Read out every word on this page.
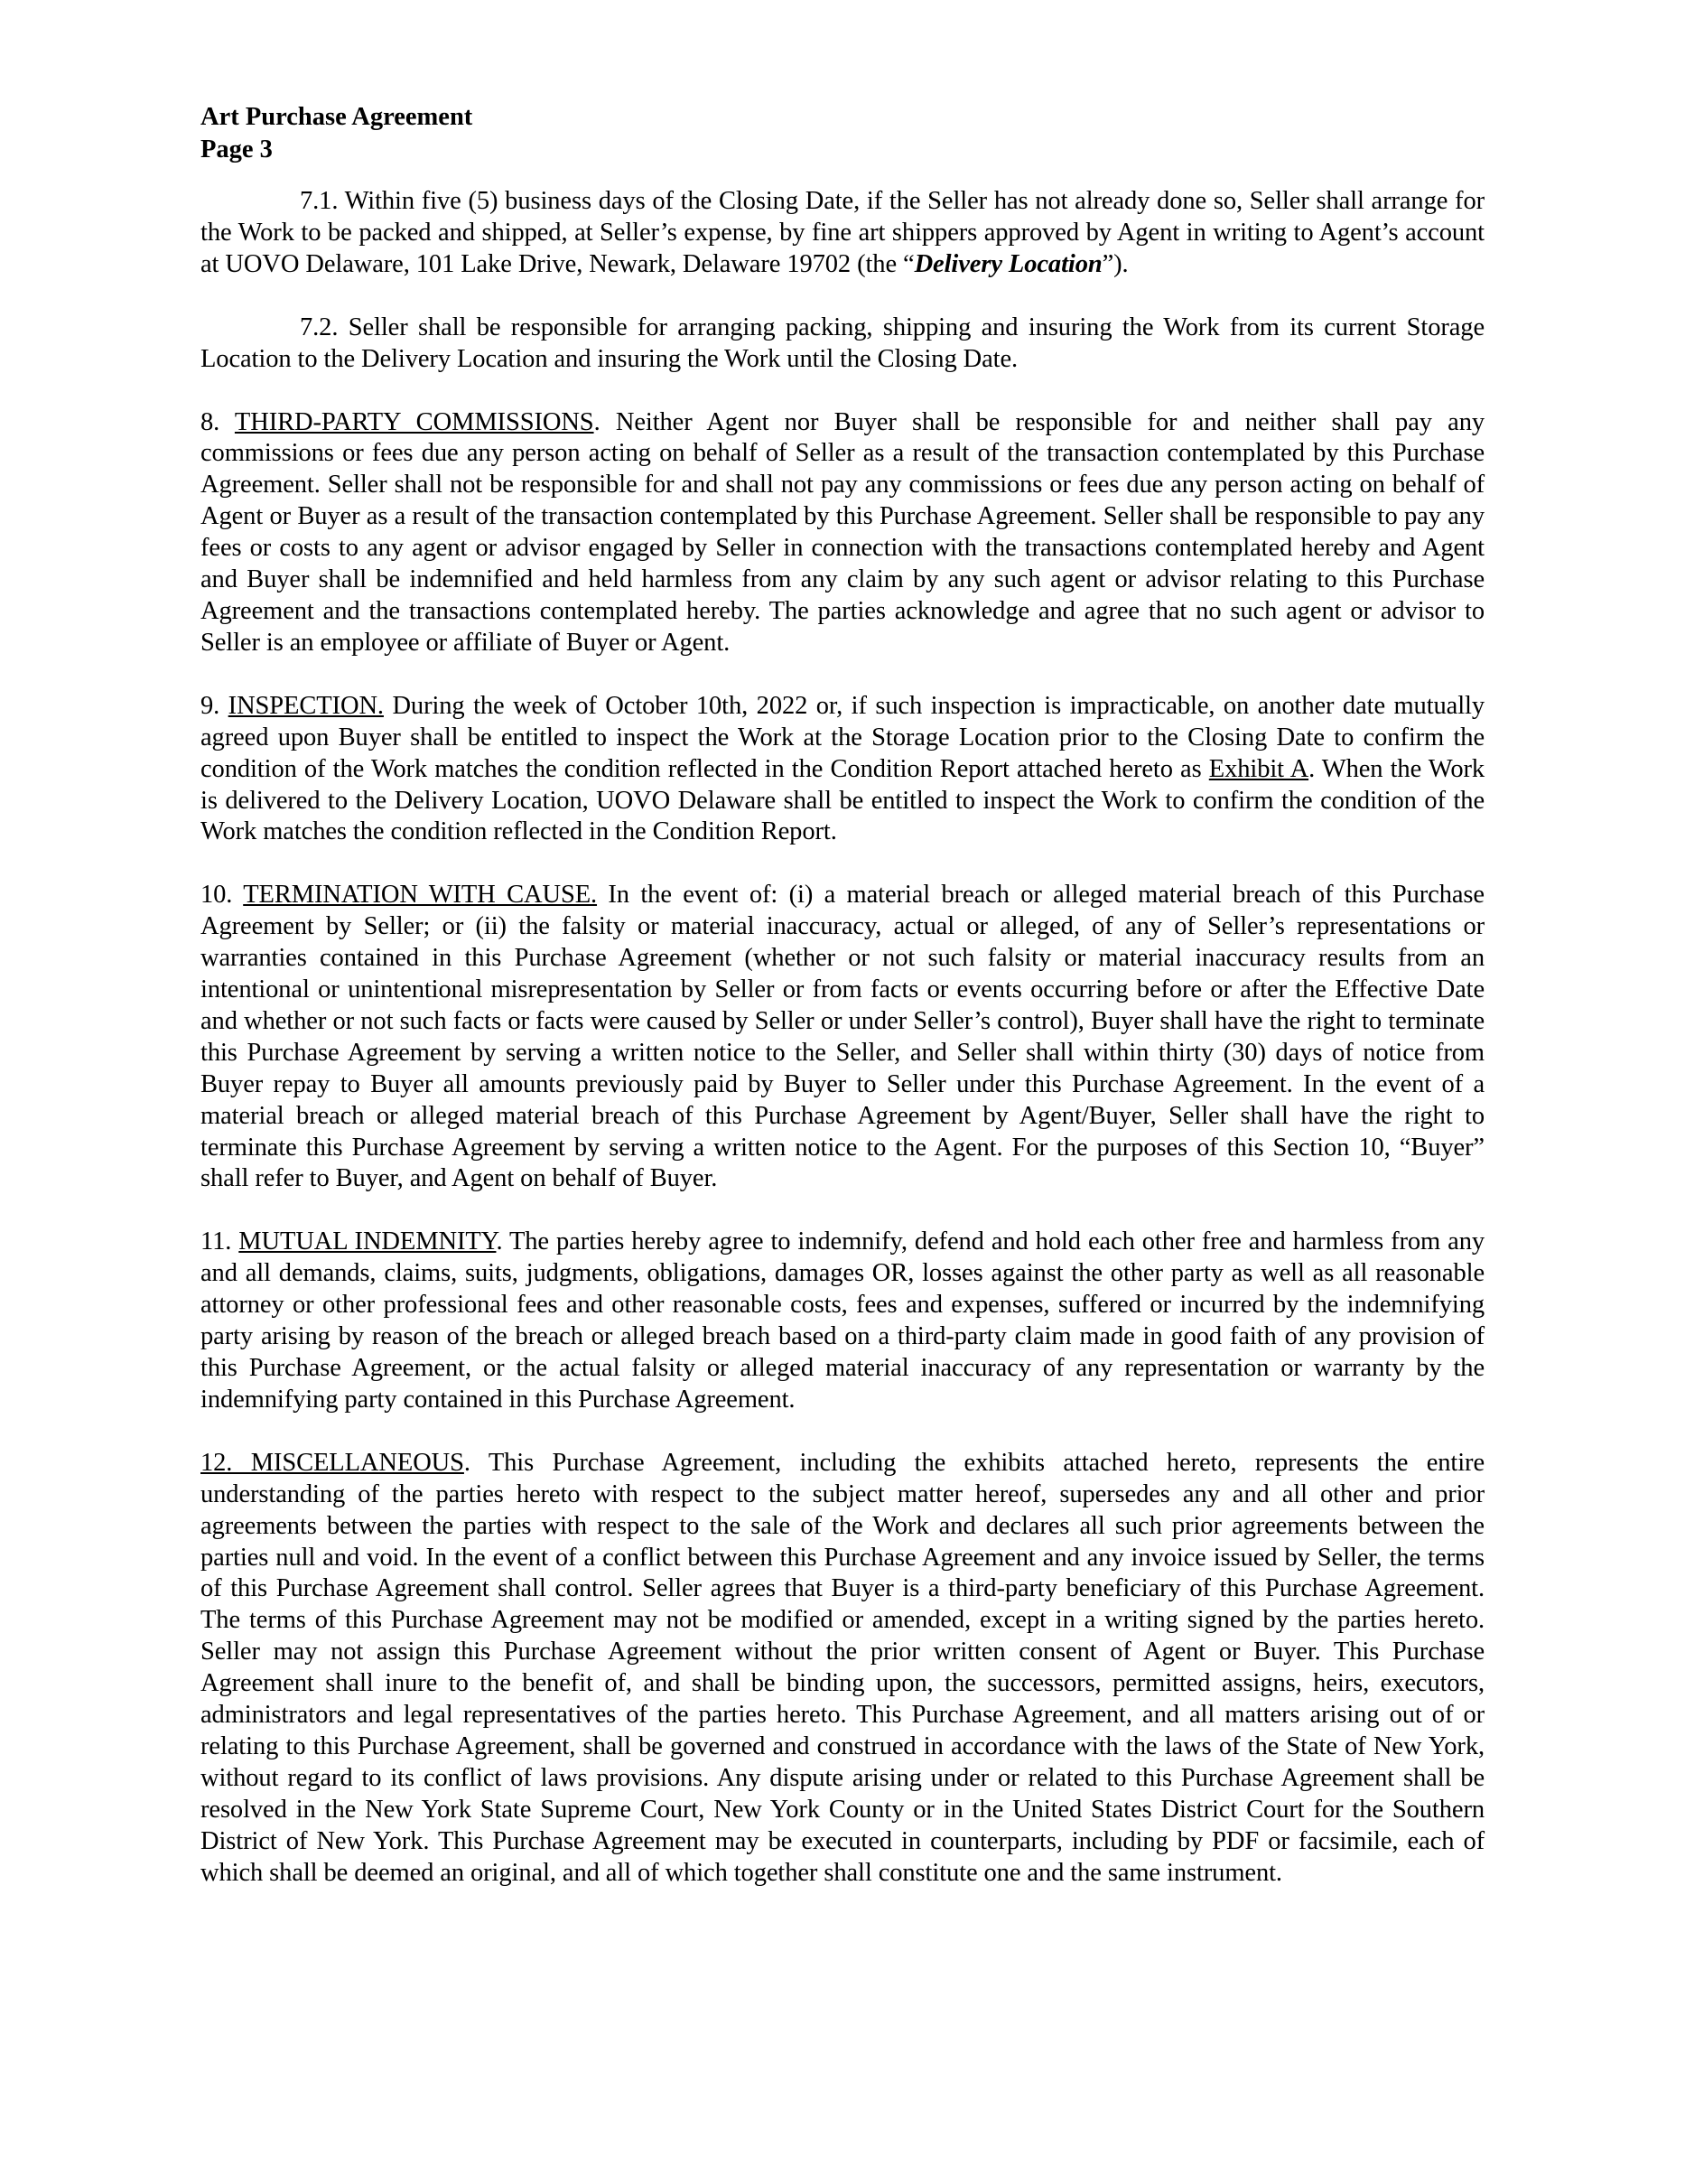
Art Purchase Agreement

Page 3

7.1. Within five (5) business days of the Closing Date, if the Seller has not already done so, Seller shall arrange for the Work to be packed and shipped, at Seller’s expense, by fine art shippers approved by Agent in writing to Agent’s account at UOVO Delaware, 101 Lake Drive, Newark, Delaware 19702 (the “Delivery Location”).

7.2. Seller shall be responsible for arranging packing, shipping and insuring the Work from its current Storage Location to the Delivery Location and insuring the Work until the Closing Date.

8. THIRD-PARTY COMMISSIONS. Neither Agent nor Buyer shall be responsible for and neither shall pay any commissions or fees due any person acting on behalf of Seller as a result of the transaction contemplated by this Purchase Agreement. Seller shall not be responsible for and shall not pay any commissions or fees due any person acting on behalf of Agent or Buyer as a result of the transaction contemplated by this Purchase Agreement. Seller shall be responsible to pay any fees or costs to any agent or advisor engaged by Seller in connection with the transactions contemplated hereby and Agent and Buyer shall be indemnified and held harmless from any claim by any such agent or advisor relating to this Purchase Agreement and the transactions contemplated hereby. The parties acknowledge and agree that no such agent or advisor to Seller is an employee or affiliate of Buyer or Agent.

9. INSPECTION. During the week of October 10th, 2022 or, if such inspection is impracticable, on another date mutually agreed upon Buyer shall be entitled to inspect the Work at the Storage Location prior to the Closing Date to confirm the condition of the Work matches the condition reflected in the Condition Report attached hereto as Exhibit A. When the Work is delivered to the Delivery Location, UOVO Delaware shall be entitled to inspect the Work to confirm the condition of the Work matches the condition reflected in the Condition Report.

10. TERMINATION WITH CAUSE. In the event of: (i) a material breach or alleged material breach of this Purchase Agreement by Seller; or (ii) the falsity or material inaccuracy, actual or alleged, of any of Seller’s representations or warranties contained in this Purchase Agreement (whether or not such falsity or material inaccuracy results from an intentional or unintentional misrepresentation by Seller or from facts or events occurring before or after the Effective Date and whether or not such facts or facts were caused by Seller or under Seller’s control), Buyer shall have the right to terminate this Purchase Agreement by serving a written notice to the Seller, and Seller shall within thirty (30) days of notice from Buyer repay to Buyer all amounts previously paid by Buyer to Seller under this Purchase Agreement. In the event of a material breach or alleged material breach of this Purchase Agreement by Agent/Buyer, Seller shall have the right to terminate this Purchase Agreement by serving a written notice to the Agent. For the purposes of this Section 10, “Buyer” shall refer to Buyer, and Agent on behalf of Buyer.

11. MUTUAL INDEMNITY. The parties hereby agree to indemnify, defend and hold each other free and harmless from any and all demands, claims, suits, judgments, obligations, damages OR, losses against the other party as well as all reasonable attorney or other professional fees and other reasonable costs, fees and expenses, suffered or incurred by the indemnifying party arising by reason of the breach or alleged breach based on a third-party claim made in good faith of any provision of this Purchase Agreement, or the actual falsity or alleged material inaccuracy of any representation or warranty by the indemnifying party contained in this Purchase Agreement.

12. MISCELLANEOUS. This Purchase Agreement, including the exhibits attached hereto, represents the entire understanding of the parties hereto with respect to the subject matter hereof, supersedes any and all other and prior agreements between the parties with respect to the sale of the Work and declares all such prior agreements between the parties null and void. In the event of a conflict between this Purchase Agreement and any invoice issued by Seller, the terms of this Purchase Agreement shall control. Seller agrees that Buyer is a third-party beneficiary of this Purchase Agreement. The terms of this Purchase Agreement may not be modified or amended, except in a writing signed by the parties hereto. Seller may not assign this Purchase Agreement without the prior written consent of Agent or Buyer. This Purchase Agreement shall inure to the benefit of, and shall be binding upon, the successors, permitted assigns, heirs, executors, administrators and legal representatives of the parties hereto. This Purchase Agreement, and all matters arising out of or relating to this Purchase Agreement, shall be governed and construed in accordance with the laws of the State of New York, without regard to its conflict of laws provisions. Any dispute arising under or related to this Purchase Agreement shall be resolved in the New York State Supreme Court, New York County or in the United States District Court for the Southern District of New York. This Purchase Agreement may be executed in counterparts, including by PDF or facsimile, each of which shall be deemed an original, and all of which together shall constitute one and the same instrument.
